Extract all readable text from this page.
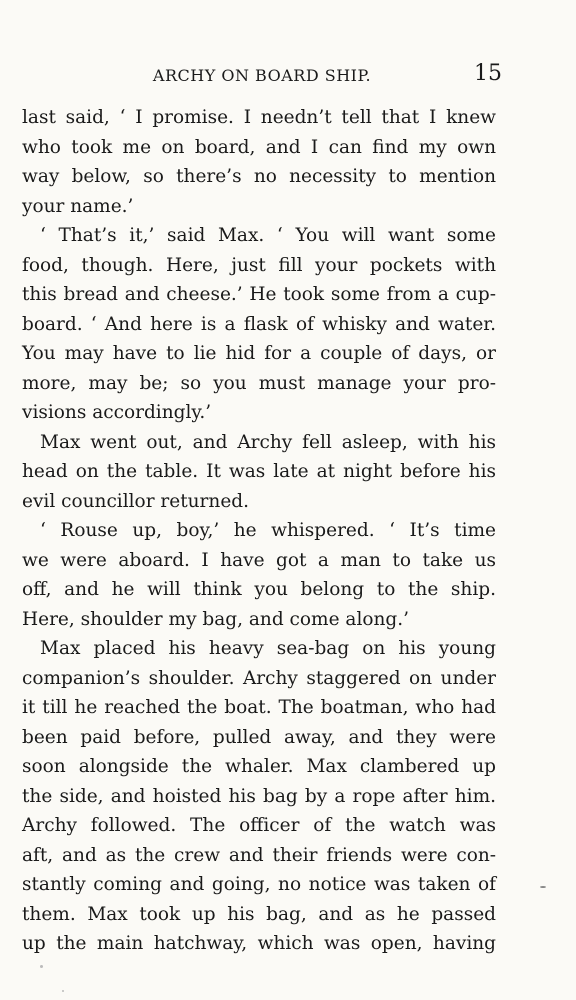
ARCHY ON BOARD SHIP.	15
last said, ‘ I promise. I needn’t tell that I knew
who took me on board, and I can find my own
way below, so there’s no necessity to mention
your name.’
‘ That’s it,’ said Max. ‘ You will want some
food, though. Here, just fill your pockets with
this bread and cheese.’ He took some from a cup-
board. ‘ And here is a flask of whisky and water.
You may have to lie hid for a couple of days, or
more, may be; so you must manage your pro-
visions accordingly.’
Max went out, and Archy fell asleep, with his
head on the table. It was late at night before his
evil councillor returned.
‘ Rouse up, boy,’ he whispered. ‘ It’s time
we were aboard. I have got a man to take us
off, and he will think you belong to the ship.
Here, shoulder my bag, and come along.’
Max placed his heavy sea-bag on his young
companion’s shoulder. Archy staggered on under
it till he reached the boat. The boatman, who had
been paid before, pulled away, and they were
soon alongside the whaler. Max clambered up
the side, and hoisted his bag by a rope after him.
Archy followed. The officer of the watch was
aft, and as the crew and their friends were con-
stantly coming and going, no notice was taken of
them. Max took up his bag, and as he passed
up the main hatchway, which was open, having
